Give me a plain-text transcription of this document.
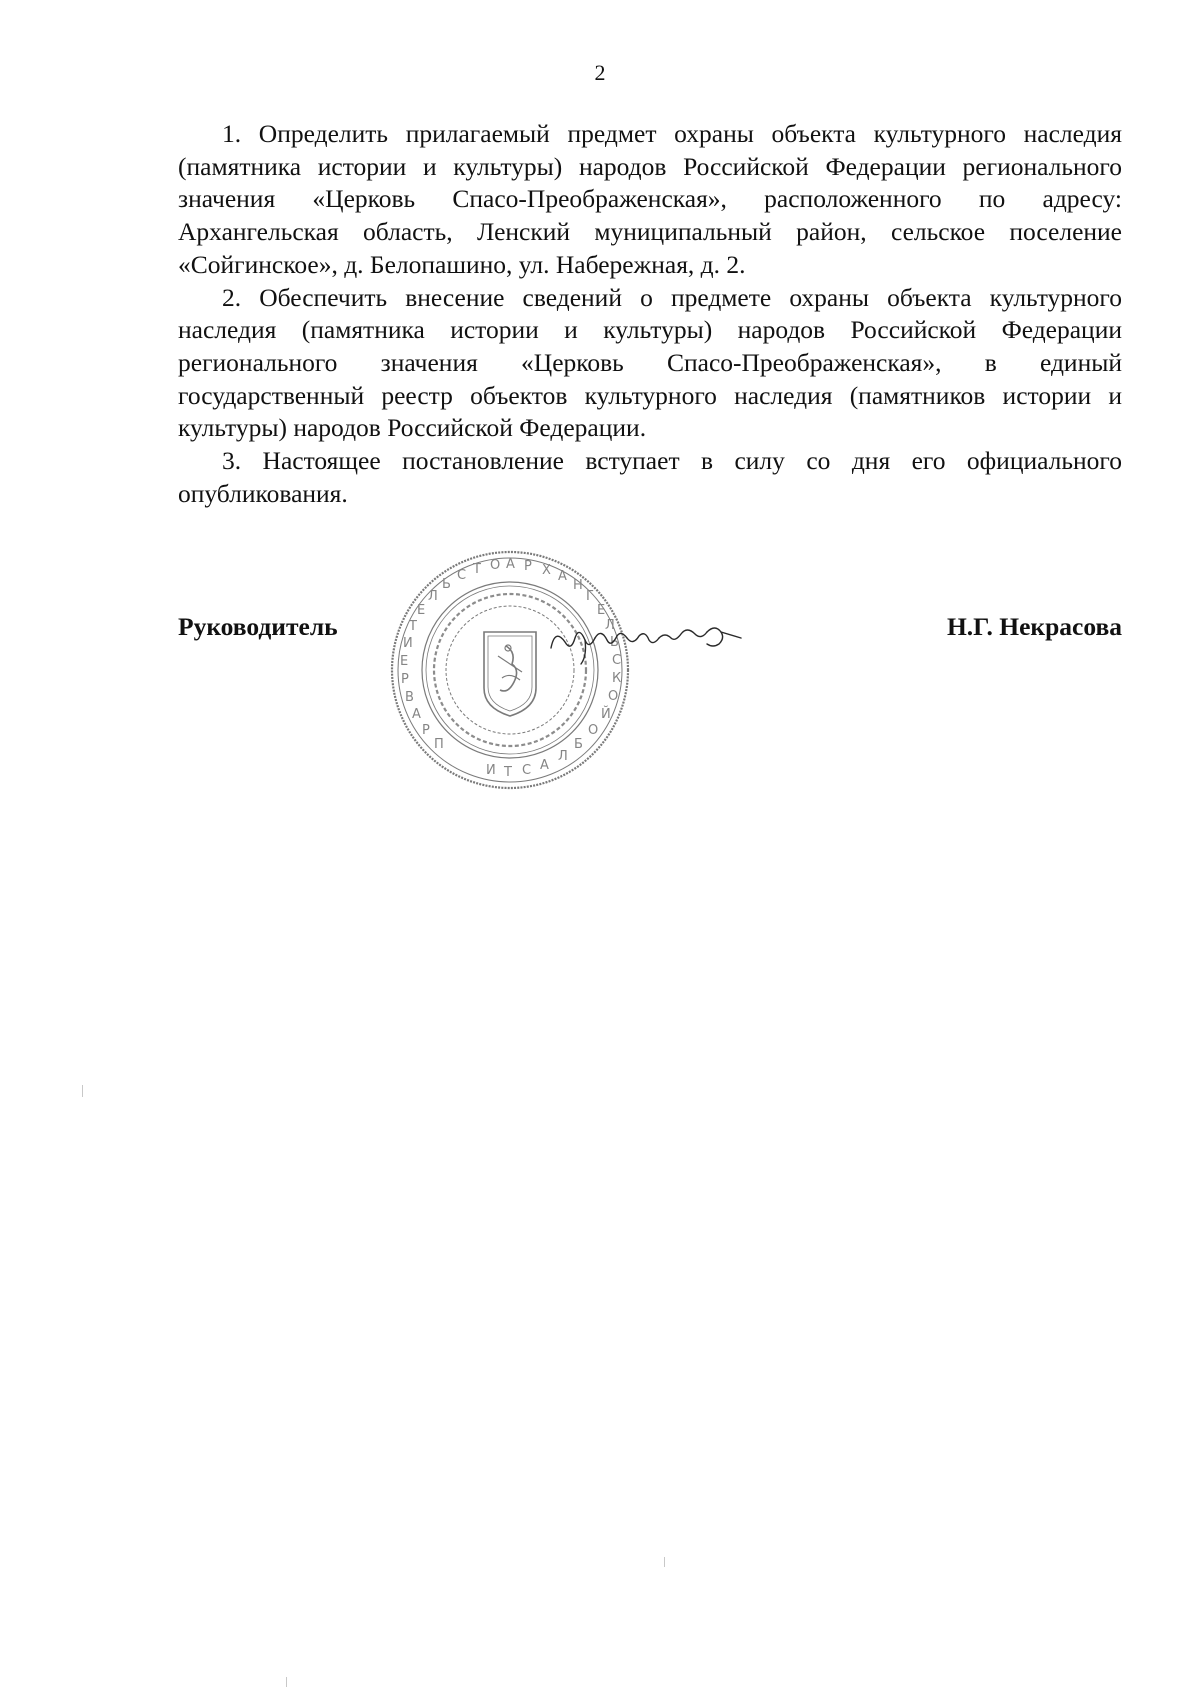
2

1. Определить прилагаемый предмет охраны объекта культурного наследия (памятника истории и культуры) народов Российской Федерации регионального значения «Церковь Спасо-Преображенская», расположенного по адресу: Архангельская область, Ленский муниципальный район, сельское поселение «Сойгинское», д. Белопашино, ул. Набережная, д. 2.

2. Обеспечить внесение сведений о предмете охраны объекта культурного наследия (памятника истории и культуры) народов Российской Федерации регионального значения «Церковь Спасо-Преображенская», в единый государственный реестр объектов культурного наследия (памятников истории и культуры) народов Российской Федерации.

3. Настоящее постановление вступает в силу со дня его официального опубликования.

А Р Х А
Н
Г
Е
Л
Ь
С
К
О
Й
О
Т
С
Ь
Л
Е
Т
И
Е
Р
В
А
Р
П
О
Б
Л
А
С
Т
И
Руководитель	Н.Г. Некрасова
